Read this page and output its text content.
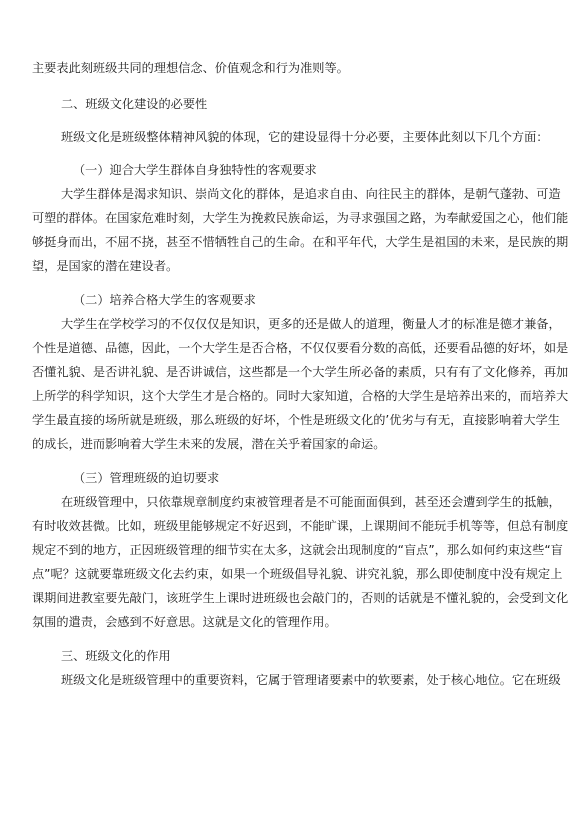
主要表此刻班级共同的理想信念、价值观念和行为准则等。
二、班级文化建设的必要性
班级文化是班级整体精神风貌的体现，它的建设显得十分必要，主要体此刻以下几个方面：
（一）迎合大学生群体自身独特性的客观要求
大学生群体是渴求知识、崇尚文化的群体，是追求自由、向往民主的群体，是朝气蓬勃、可造
可塑的群体。在国家危难时刻，大学生为挽救民族命运，为寻求强国之路，为奉献爱国之心，他们能
够挺身而出，不屈不挠，甚至不惜牺牲自己的生命。在和平年代，大学生是祖国的未来，是民族的期
望，是国家的潜在建设者。
（二）培养合格大学生的客观要求
大学生在学校学习的不仅仅仅是知识，更多的还是做人的道理，衡量人才的标准是德才兼备，
个性是道德、品德，因此，一个大学生是否合格，不仅仅要看分数的高低，还要看品德的好坏，如是
否懂礼貌、是否讲礼貌、是否讲诚信，这些都是一个大学生所必备的素质，只有有了文化修养，再加
上所学的科学知识，这个大学生才是合格的。同时大家知道，合格的大学生是培养出来的，而培养大
学生最直接的场所就是班级，那么班级的好坏，个性是班级文化的’优劣与有无，直接影响着大学生
的成长，进而影响着大学生未来的发展，潜在关乎着国家的命运。
（三）管理班级的迫切要求
在班级管理中，只依靠规章制度约束被管理者是不可能面面俱到，甚至还会遭到学生的抵触，
有时收效甚微。比如，班级里能够规定不好迟到，不能旷课，上课期间不能玩手机等等，但总有制度
规定不到的地方，正因班级管理的细节实在太多，这就会出现制度的“盲点”，那么如何约束这些“盲
点”呢？这就要靠班级文化去约束，如果一个班级倡导礼貌、讲究礼貌，那么即使制度中没有规定上
课期间进教室要先敲门，该班学生上课时进班级也会敲门的，否则的话就是不懂礼貌的，会受到文化
氛围的遣责，会感到不好意思。这就是文化的管理作用。
三、班级文化的作用
班级文化是班级管理中的重要资料，它属于管理诸要素中的软要素，处于核心地位。它在班级
